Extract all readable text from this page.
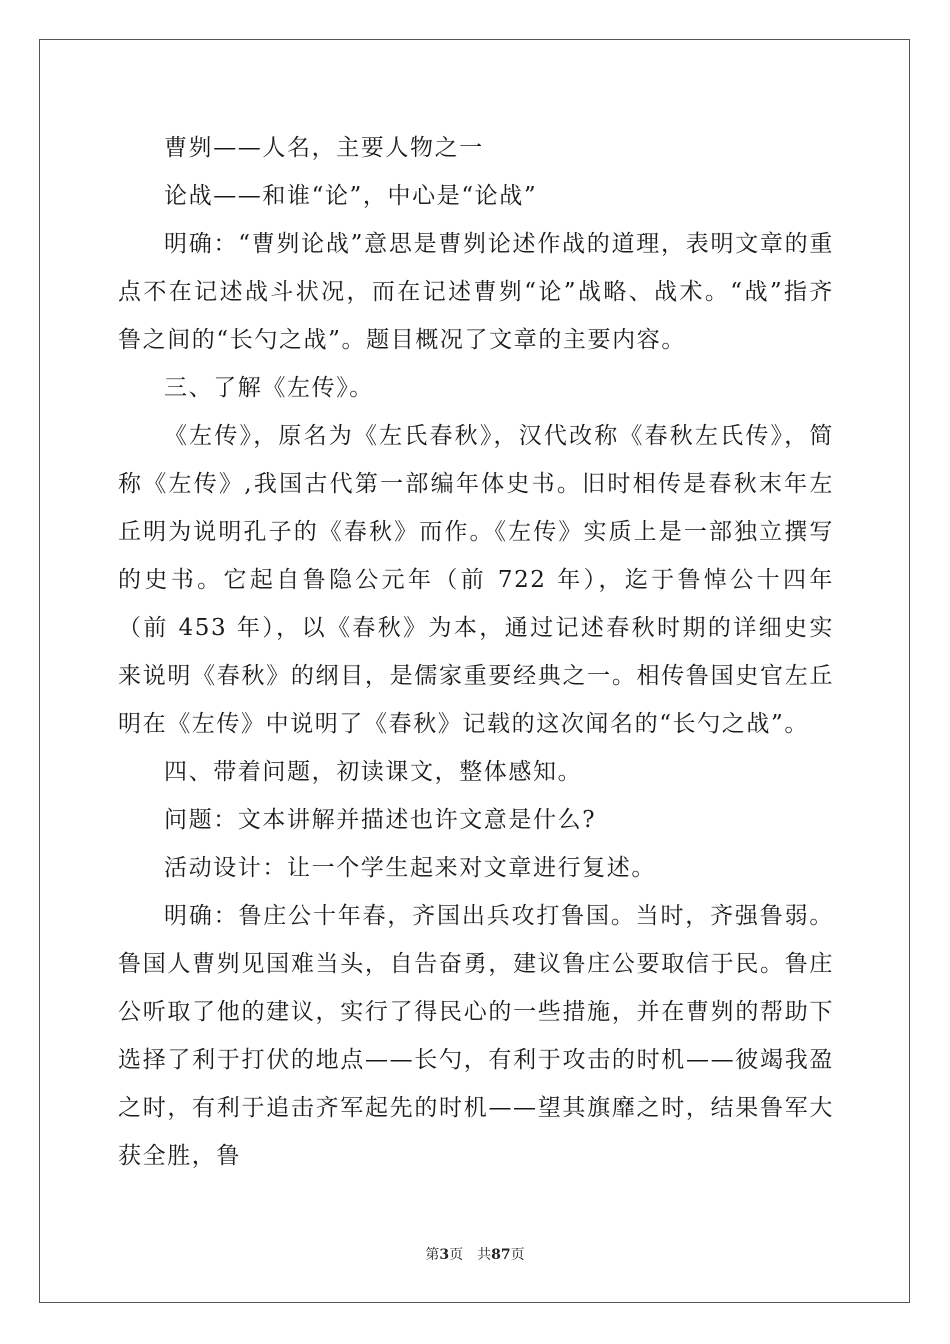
曹刿——人名，主要人物之一

论战——和谁“论”，中心是“论战”

明确：“曹刿论战”意思是曹刿论述作战的道理，表明文章的重点不在记述战斗状况，而在记述曹刿“论”战略、战术。“战”指齐鲁之间的“长勺之战”。题目概况了文章的主要内容。

三、了解《左传》。

《左传》，原名为《左氏春秋》，汉代改称《春秋左氏传》，简称《左传》,我国古代第一部编年体史书。旧时相传是春秋末年左丘明为说明孔子的《春秋》而作。《左传》实质上是一部独立撰写的史书。它起自鲁隐公元年（前 722 年），迄于鲁悼公十四年（前 453 年），以《春秋》为本，通过记述春秋时期的详细史实来说明《春秋》的纲目，是儒家重要经典之一。相传鲁国史官左丘明在《左传》中说明了《春秋》记载的这次闻名的“长勺之战”。

四、带着问题，初读课文，整体感知。

问题：文本讲解并描述也许文意是什么?

活动设计：让一个学生起来对文章进行复述。

明确：鲁庄公十年春，齐国出兵攻打鲁国。当时，齐强鲁弱。鲁国人曹刿见国难当头，自告奋勇，建议鲁庄公要取信于民。鲁庄公听取了他的建议，实行了得民心的一些措施，并在曹刿的帮助下选择了利于打伏的地点——长勺，有利于攻击的时机——彼竭我盈之时，有利于追击齐军起先的时机——望其旗靡之时，结果鲁军大获全胜，鲁

第3页 共87页
